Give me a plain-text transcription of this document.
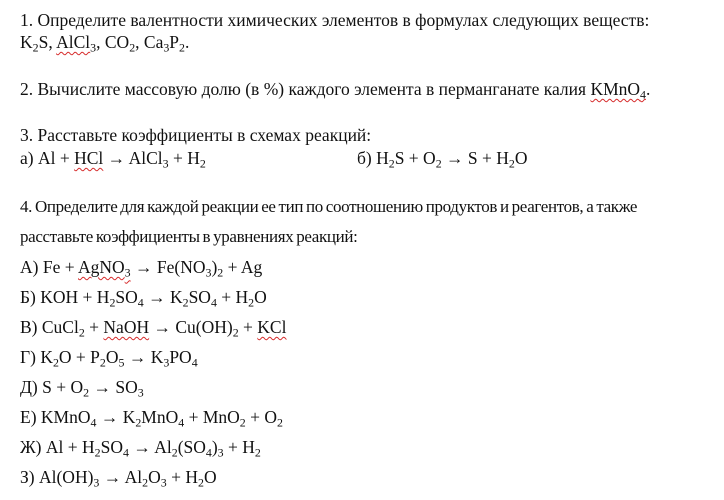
1. Определите валентности химических элементов в формулах следующих веществ:
$K_2S$, AlCl$_3$, $CO_2$, $Ca_3P_2$.
2. Вычислите массовую долю (в %) каждого элемента в перманганате калия KMnO$_4$.
3. Расставьте коэффициенты в схемах реакций:
а) Al + HCl → AlCl$_3$ + $H_2$	б) $H_2S + O_2 \to S + H_2O$
4. Определите для каждой реакции ее тип по соотношению продуктов и реагентов, а также
расставьте коэффициенты в уравнениях реакций:
А) Fe + AgNO$_3$ → $Fe(NO_3)_2 + Ag$
Б) KOH + $H_2SO_4 \to K_2SO_4 + H_2O$
В) CuCl$_2$ + NaOH → $Cu(OH)_2$ + KCl
Г) $K_2O + P_2O_5 \to K_3PO_4$
Д) $S + O_2 \to SO_3$
Е) KMnO$_4$ → $K_2MnO_4 + MnO_2 + O_2$
Ж) $Al + H_2SO_4 \to Al_2(SO_4)_3 + H_2$
З) $Al(OH)_3 \to Al_2O_3 + H_2O$
